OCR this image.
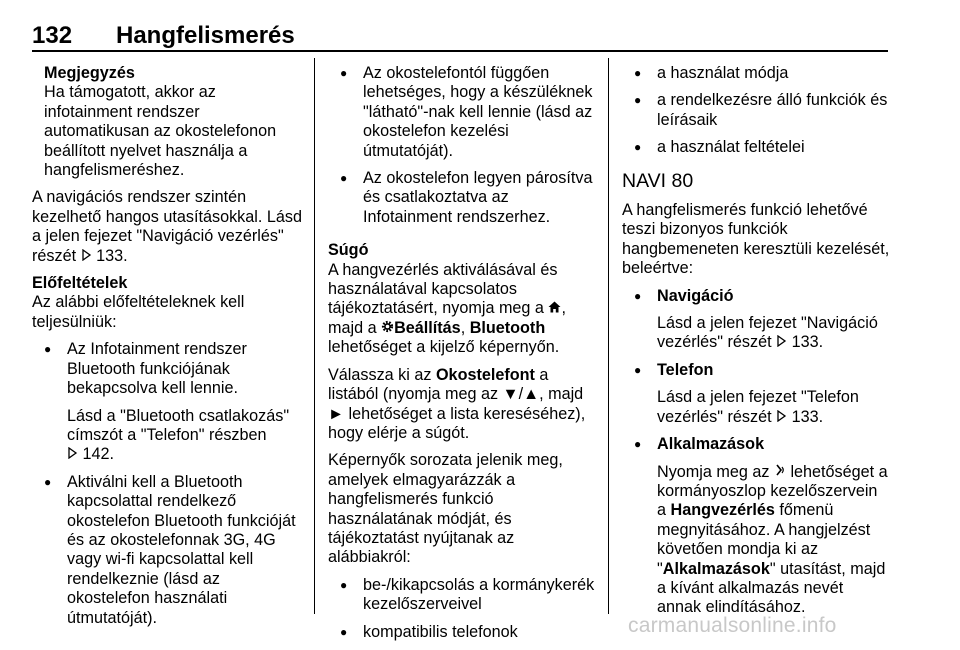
132 Hangfelismerés
Megjegyzés
Ha támogatott, akkor az infotainment rendszer automatikusan az okostelefonon beállított nyelvet használja a hangfelismeréshez.

A navigációs rendszer szintén kezelhető hangos utasításokkal. Lásd a jelen fejezet "Navigáció vezérlés" részét 133.

Előfeltételek
Az alábbi előfeltételeknek kell teljesülniük:

● Az Infotainment rendszer Bluetooth funkciójának bekapcsolva kell lennie.

Lásd a "Bluetooth csatlakozás" címszót a "Telefon" részben
142.

● Aktiválni kell a Bluetooth kapcsolattal rendelkező okostelefon Bluetooth funkcióját és az okostelefonnak 3G, 4G vagy wi-fi kapcsolattal kell rendelkeznie (lásd az okostelefon használati útmutatóját).

● Az okostelefontól függően lehetséges, hogy a készüléknek "látható"-nak kell lennie (lásd az okostelefon kezelési útmutatóját).

● Az okostelefon legyen párosítva és csatlakoztatva az Infotainment rendszerhez.

Súgó
A hangvezérlés aktiválásával és használatával kapcsolatos tájékoztatásért, nyomja meg a , majd a Beállítás, Bluetooth lehetőséget a kijelző képernyőn.

Válassza ki az Okostelefont a listából (nyomja meg az ▼/▲, majd ► lehetőséget a lista kereséséhez), hogy elérje a súgót.

Képernyők sorozata jelenik meg, amelyek elmagyarázzák a hangfelismerés funkció használatának módját, és tájékoztatást nyújtanak az alábbiakról:

● be-/kikapcsolás a kormánykerék kezelőszerveivel

● kompatibilis telefonok

● a használat módja

● a rendelkezésre álló funkciók és leírásaik

● a használat feltételei

NAVI 80

A hangfelismerés funkció lehetővé teszi bizonyos funkciók hangbemeneten keresztüli kezelését, beleértve:

● Navigáció

Lásd a jelen fejezet "Navigáció vezérlés" részét 133.

● Telefon

Lásd a jelen fejezet "Telefon vezérlés" részét 133.

● Alkalmazások

Nyomja meg az lehetőséget a kormányoszlop kezelőszervein a Hangvezérlés főmenü megnyitásához. A hangjelzést követően mondja ki az "Alkalmazások" utasítást, majd a kívánt alkalmazás nevét annak elindításához.

carmanualsonline.info
